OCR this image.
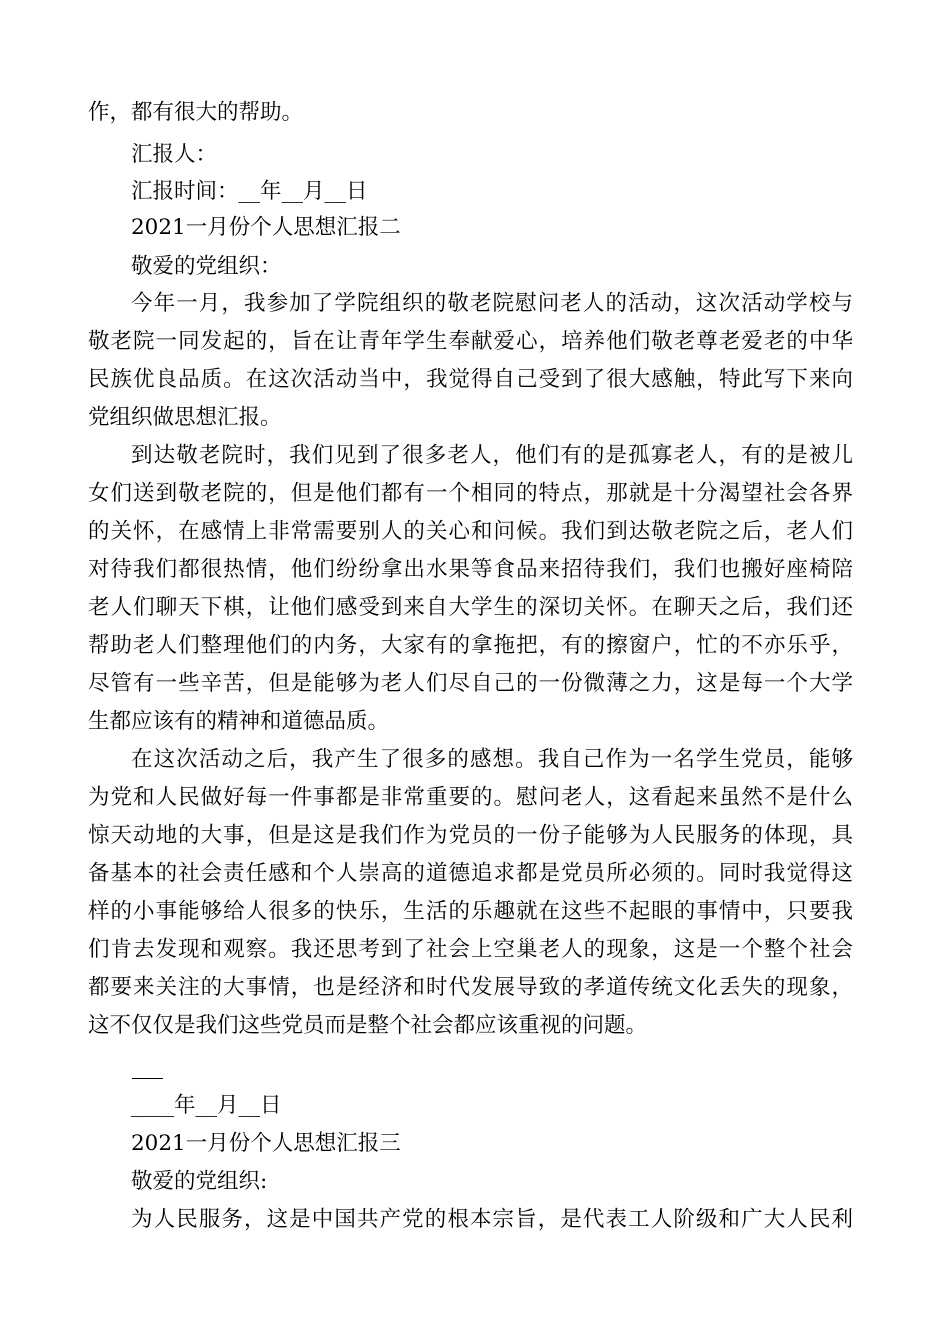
作，都有很大的帮助。
汇报人：
汇报时间：__年__月__日
2021一月份个人思想汇报二
敬爱的党组织：
今年一月，我参加了学院组织的敬老院慰问老人的活动，这次活动学校与
敬老院一同发起的，旨在让青年学生奉献爱心，培养他们敬老尊老爱老的中华
民族优良品质。在这次活动当中，我觉得自己受到了很大感触，特此写下来向
党组织做思想汇报。
到达敬老院时，我们见到了很多老人，他们有的是孤寡老人，有的是被儿
女们送到敬老院的，但是他们都有一个相同的特点，那就是十分渴望社会各界
的关怀，在感情上非常需要别人的关心和问候。我们到达敬老院之后，老人们
对待我们都很热情，他们纷纷拿出水果等食品来招待我们，我们也搬好座椅陪
老人们聊天下棋，让他们感受到来自大学生的深切关怀。在聊天之后，我们还
帮助老人们整理他们的内务，大家有的拿拖把，有的擦窗户，忙的不亦乐乎，
尽管有一些辛苦，但是能够为老人们尽自己的一份微薄之力，这是每一个大学
生都应该有的精神和道德品质。
在这次活动之后，我产生了很多的感想。我自己作为一名学生党员，能够
为党和人民做好每一件事都是非常重要的。慰问老人，这看起来虽然不是什么
惊天动地的大事，但是这是我们作为党员的一份子能够为人民服务的体现，具
备基本的社会责任感和个人崇高的道德追求都是党员所必须的。同时我觉得这
样的小事能够给人很多的快乐，生活的乐趣就在这些不起眼的事情中，只要我
们肯去发现和观察。我还思考到了社会上空巢老人的现象，这是一个整个社会
都要来关注的大事情，也是经济和时代发展导致的孝道传统文化丢失的现象，
这不仅仅是我们这些党员而是整个社会都应该重视的问题。
____年__月__日
2021一月份个人思想汇报三
敬爱的党组织:
为人民服务，这是中国共产党的根本宗旨，是代表工人阶级和广大人民利
